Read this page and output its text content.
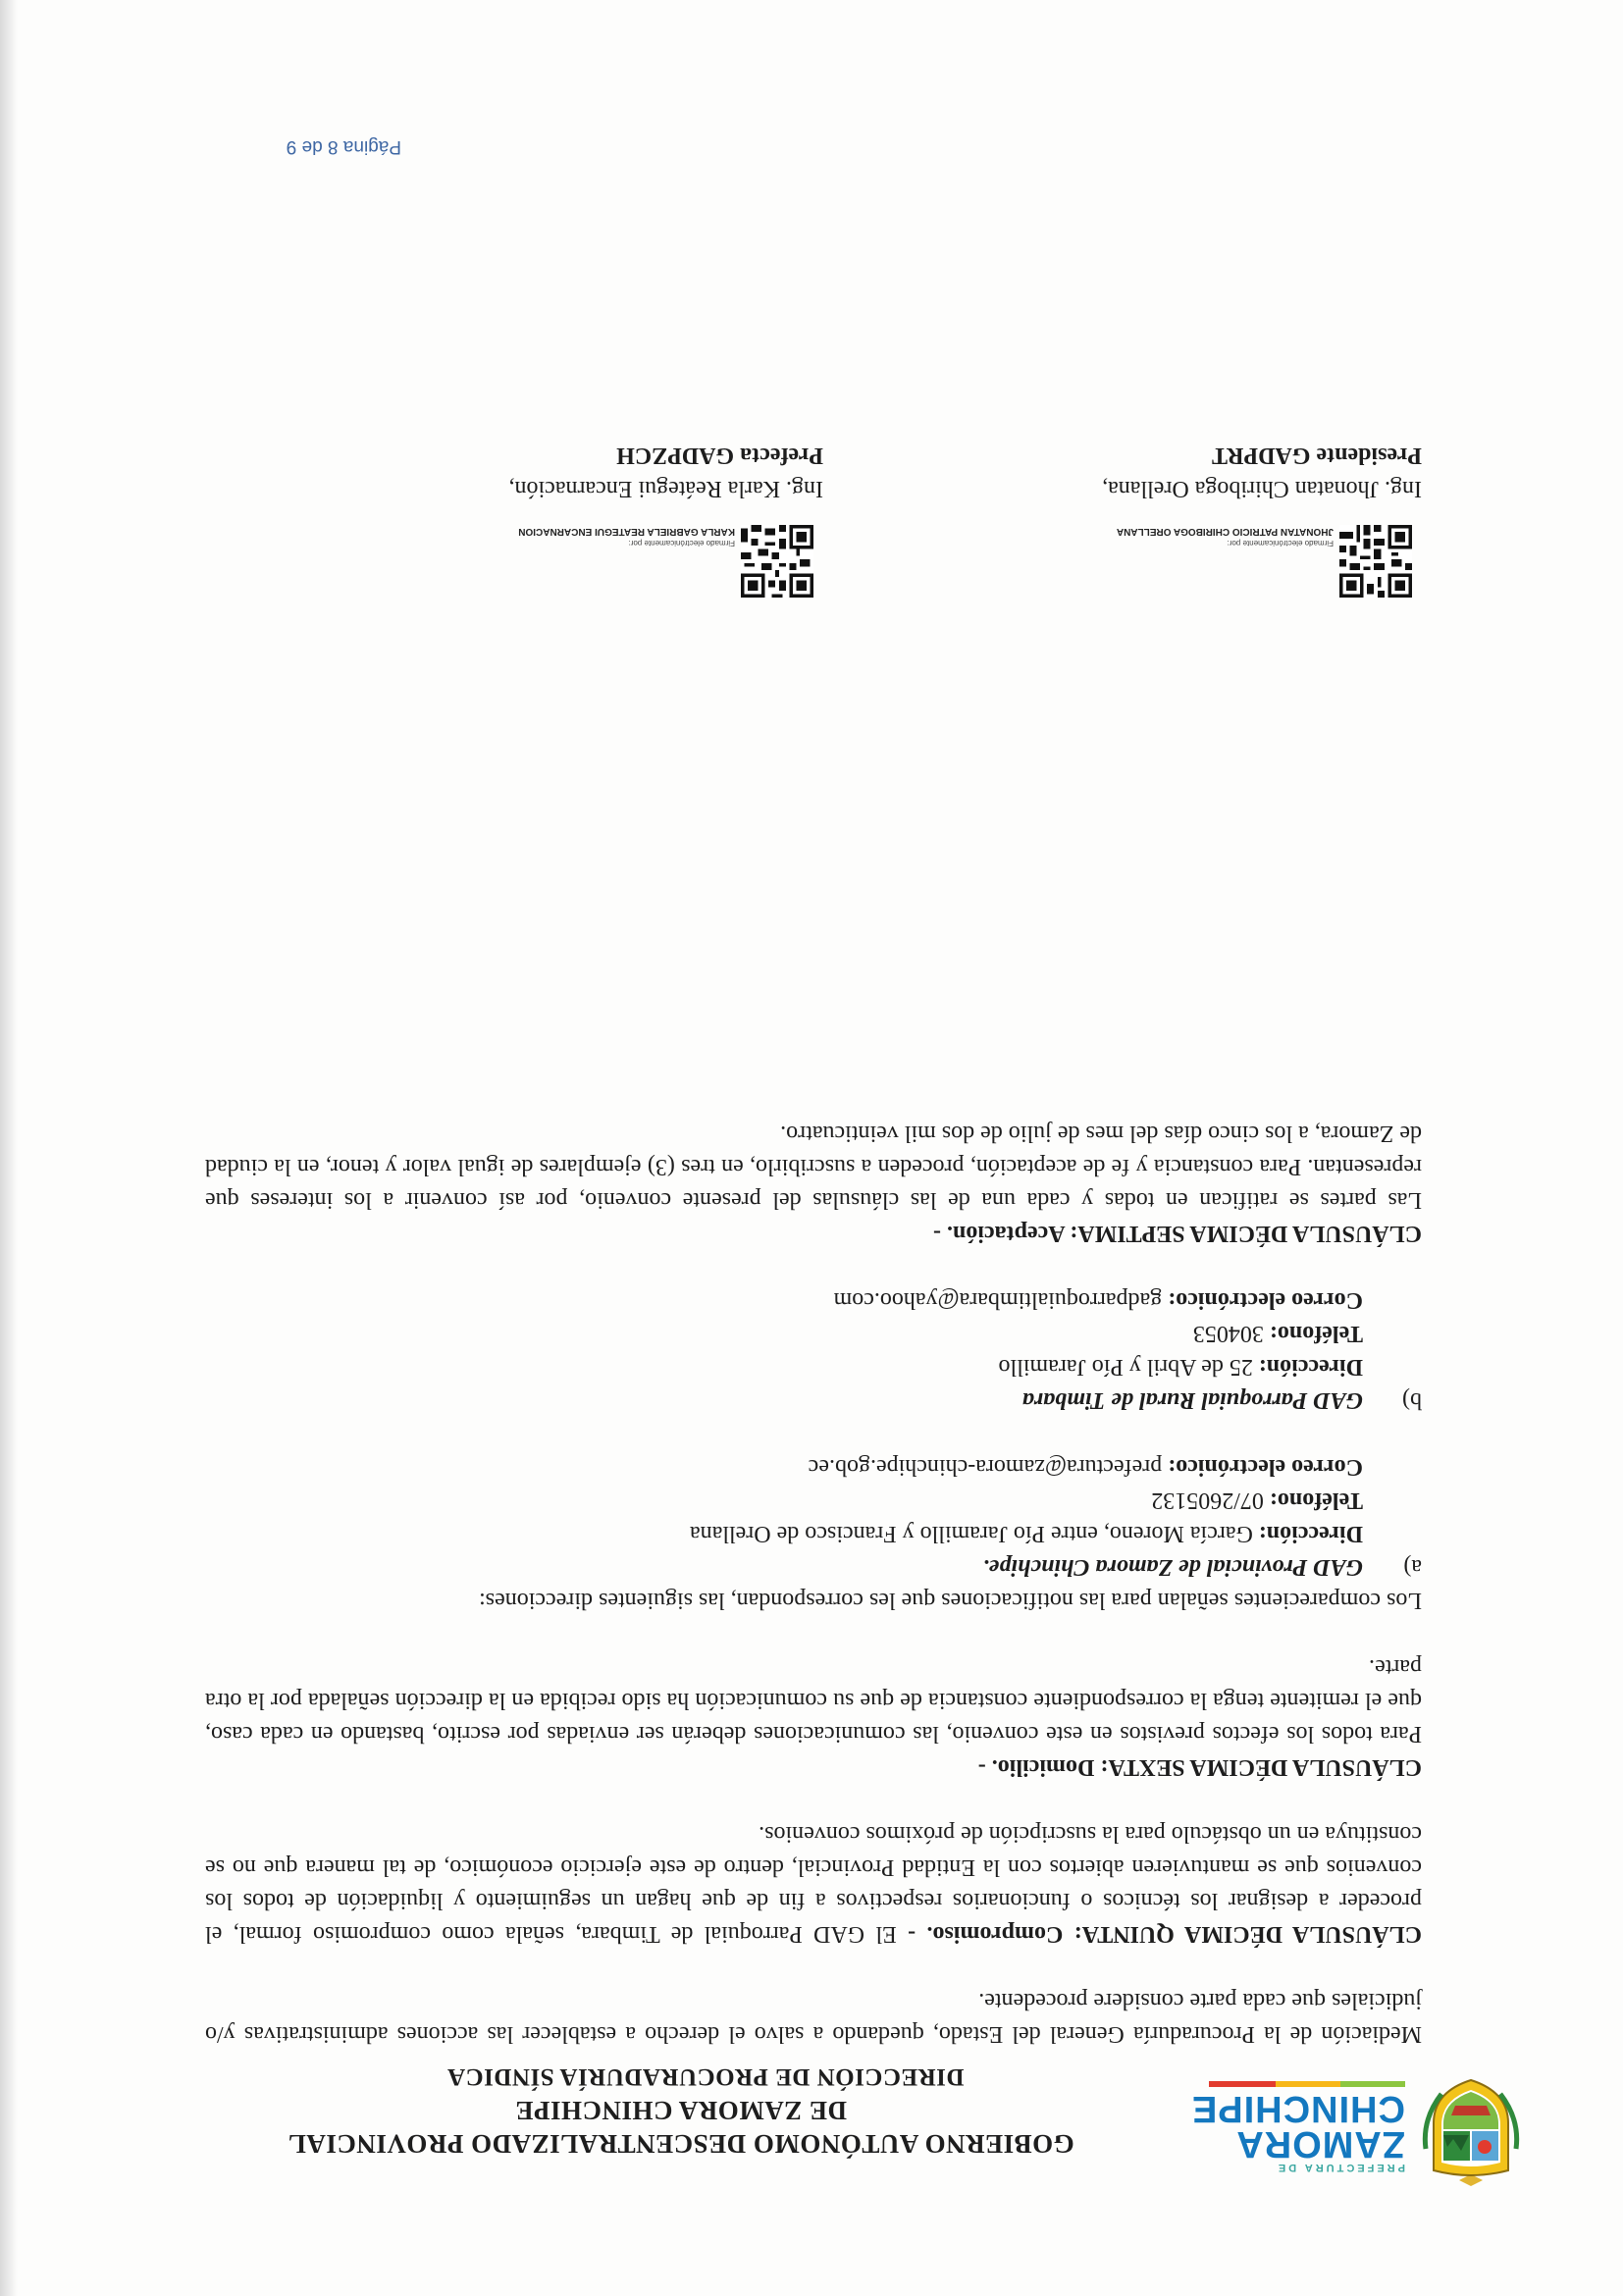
PREFECTURA DE
ZAMORA
CHINCHIPE
GOBIERNO AUTÓNOMO DESCENTRALIZADO PROVINCIAL
DE ZAMORA CHINCHIPE
DIRECCIÓN DE PROCURADURÍA SÍNDICA

Mediación de la Procuraduría General del Estado, quedando a salvo el derecho a establecer las acciones administrativas y/o judiciales que cada parte considere procedente.

CLÁUSULA DÉCIMA QUINTA: Compromiso. - El GAD Parroquial de Timbara, señala como compromiso formal, el proceder a designar los técnicos o funcionarios respectivos a fin de que hagan un seguimiento y liquidación de todos los convenios que se mantuvieren abiertos con la Entidad Provincial, dentro de este ejercicio económico, de tal manera que no se constituya en un obstáculo para la suscripción de próximos convenios.

CLÁUSULA DÉCIMA SEXTA: Domicilio. -

Para todos los efectos previstos en este convenio, las comunicaciones deberán ser enviadas por escrito, bastando en cada caso, que el remitente tenga la correspondiente constancia de que su comunicación ha sido recibida en la dirección señalada por la otra parte.

Los comparecientes señalan para las notificaciones que les correspondan, las siguientes direcciones:

a)GAD Provincial de Zamora Chinchipe.
Dirección: García Moreno, entre Pío Jaramillo y Francisco de Orellana
Teléfono: 07/2605132
Correo electrónico: prefectura@zamora-chinchipe.gob.ec
b)GAD Parroquial Rural de Timbara
Dirección: 25 de Abril y Pío Jaramillo
Teléfono: 304053
Correo electrónico: gadparroquialtimbara@yahoo.com

CLÁUSULA DÉCIMA SEPTIMA: Aceptación. -

Las partes se ratifican en todas y cada una de las cláusulas del presente convenio, por así convenir a los intereses que representan. Para constancia y fe de aceptación, proceden a suscribirlo, en tres (3) ejemplares de igual valor y tenor, en la ciudad de Zamora, a los cinco días del mes de julio de dos mil veinticuatro.

Firmado electrónicamente por:
JHONATAN PATRICIO CHIRIBOGA ORELLANA
Ing. Jhonatan Chiriboga Orellana,
Presidente GADPRT
Firmado electrónicamente por:
KARLA GABRIELA REATEGUI ENCARNACION
Ing. Karla Reátegui Encarnación,
Prefecta GADPZCH
Página 8 de 9
